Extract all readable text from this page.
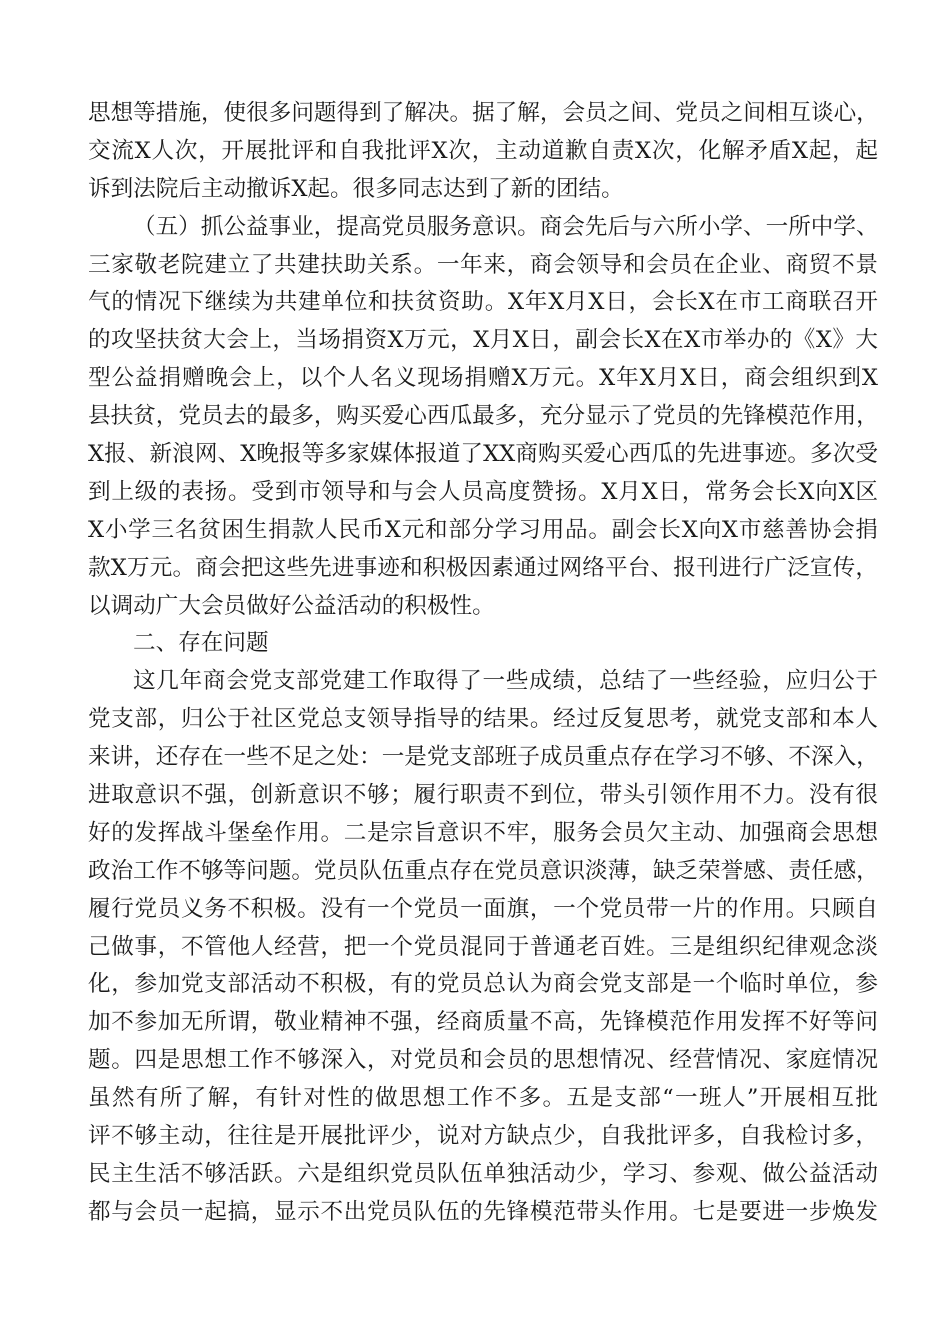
思想等措施，使很多问题得到了解决。据了解，会员之间、党员之间相互谈心，
交流X人次，开展批评和自我批评X次，主动道歉自责X次，化解矛盾X起，起
诉到法院后主动撤诉X起。很多同志达到了新的团结。
（五）抓公益事业，提高党员服务意识。商会先后与六所小学、一所中学、
三家敬老院建立了共建扶助关系。一年来，商会领导和会员在企业、商贸不景
气的情况下继续为共建单位和扶贫资助。X年X月X日，会长X在市工商联召开
的攻坚扶贫大会上，当场捐资X万元，X月X日，副会长X在X市举办的《X》大
型公益捐赠晚会上，以个人名义现场捐赠X万元。X年X月X日，商会组织到X
县扶贫，党员去的最多，购买爱心西瓜最多，充分显示了党员的先锋模范作用，
X报、新浪网、X晚报等多家媒体报道了XX商购买爱心西瓜的先进事迹。多次受
到上级的表扬。受到市领导和与会人员高度赞扬。X月X日，常务会长X向X区
X小学三名贫困生捐款人民币X元和部分学习用品。副会长X向X市慈善协会捐
款X万元。商会把这些先进事迹和积极因素通过网络平台、报刊进行广泛宣传，
以调动广大会员做好公益活动的积极性。
二、存在问题
这几年商会党支部党建工作取得了一些成绩，总结了一些经验，应归公于
党支部，归公于社区党总支领导指导的结果。经过反复思考，就党支部和本人
来讲，还存在一些不足之处：一是党支部班子成员重点存在学习不够、不深入，
进取意识不强，创新意识不够；履行职责不到位，带头引领作用不力。没有很
好的发挥战斗堡垒作用。二是宗旨意识不牢，服务会员欠主动、加强商会思想
政治工作不够等问题。党员队伍重点存在党员意识淡薄，缺乏荣誉感、责任感，
履行党员义务不积极。没有一个党员一面旗，一个党员带一片的作用。只顾自
己做事，不管他人经营，把一个党员混同于普通老百姓。三是组织纪律观念淡
化，参加党支部活动不积极，有的党员总认为商会党支部是一个临时单位，参
加不参加无所谓，敬业精神不强，经商质量不高，先锋模范作用发挥不好等问
题。四是思想工作不够深入，对党员和会员的思想情况、经营情况、家庭情况
虽然有所了解，有针对性的做思想工作不多。五是支部“一班人”开展相互批
评不够主动，往往是开展批评少，说对方缺点少，自我批评多，自我检讨多，
民主生活不够活跃。六是组织党员队伍单独活动少，学习、参观、做公益活动
都与会员一起搞，显示不出党员队伍的先锋模范带头作用。七是要进一步焕发
